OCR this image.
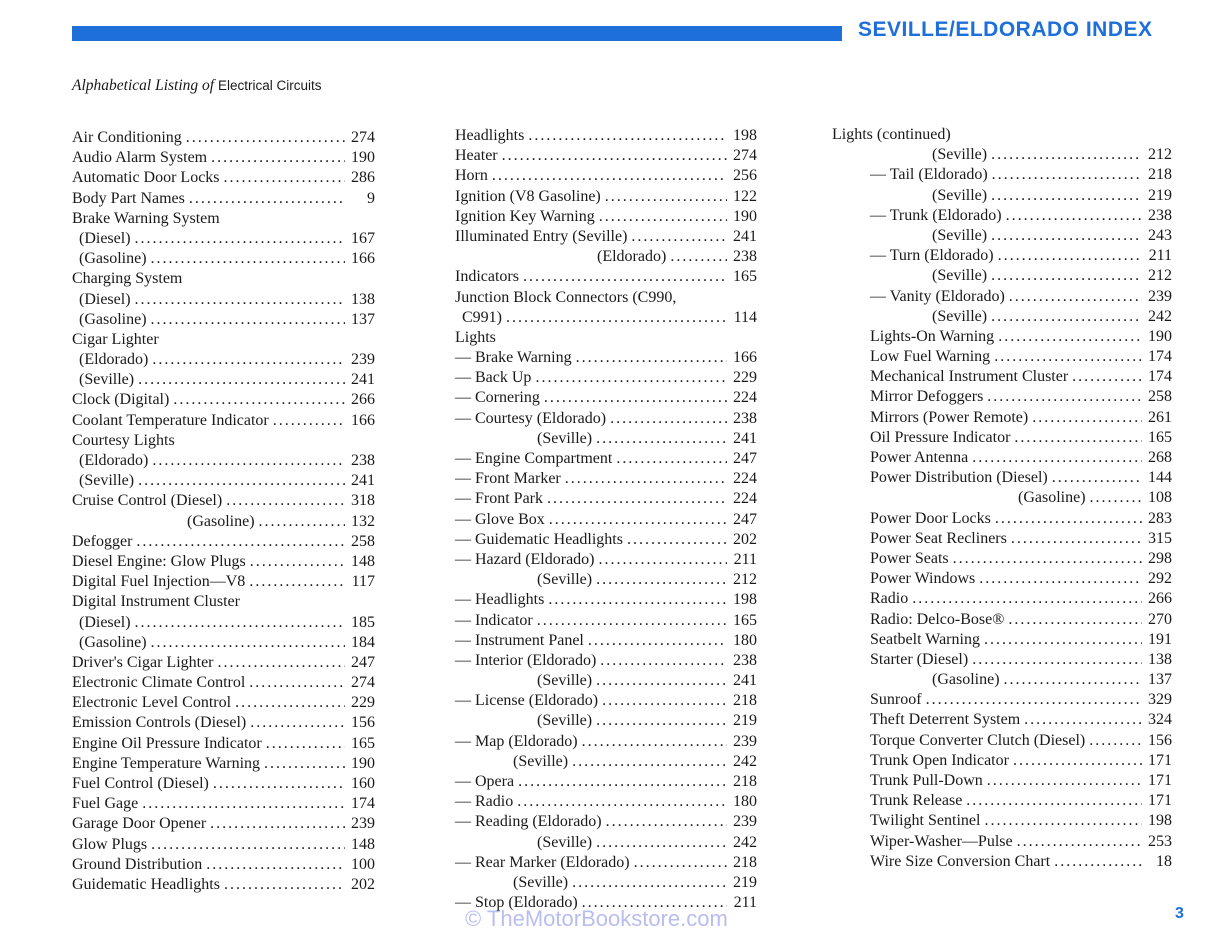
SEVILLE/ELDORADO INDEX
Alphabetical Listing of Electrical Circuits
Air Conditioning .....	274
Audio Alarm System .....	190
Automatic Door Locks .....	286
Body Part Names .....	9
Brake Warning System
(Diesel) .....	167
(Gasoline) .....	166
Charging System
(Diesel) .....	138
(Gasoline) .....	137
Cigar Lighter
(Eldorado) .....	239
(Seville) .....	241
Clock (Digital) .....	266
Coolant Temperature Indicator .....	166
Courtesy Lights
(Eldorado) .....	238
(Seville) .....	241
Cruise Control (Diesel) .....	318
(Gasoline) .....	132
Defogger .....	258
Diesel Engine: Glow Plugs .....	148
Digital Fuel Injection—V8 .....	117
Digital Instrument Cluster
(Diesel) .....	185
(Gasoline) .....	184
Driver's Cigar Lighter .....	247
Electronic Climate Control .....	274
Electronic Level Control .....	229
Emission Controls (Diesel) .....	156
Engine Oil Pressure Indicator .....	165
Engine Temperature Warning .....	190
Fuel Control (Diesel) .....	160
Fuel Gage .....	174
Garage Door Opener .....	239
Glow Plugs .....	148
Ground Distribution .....	100
Guidematic Headlights .....	202
Headlights .....	198
Heater .....	274
Horn .....	256
Ignition (V8 Gasoline) .....	122
Ignition Key Warning .....	190
Illuminated Entry (Seville) .....	241
(Eldorado) .....	238
Indicators .....	165
Junction Block Connectors (C990,
C991) .....	114
Lights
— Brake Warning .....	166
— Back Up .....	229
— Cornering .....	224
— Courtesy (Eldorado) .....	238
(Seville) .....	241
— Engine Compartment .....	247
— Front Marker .....	224
— Front Park .....	224
— Glove Box .....	247
— Guidematic Headlights .....	202
— Hazard (Eldorado) .....	211
(Seville) .....	212
— Headlights .....	198
— Indicator .....	165
— Instrument Panel .....	180
— Interior (Eldorado) .....	238
(Seville) .....	241
— License (Eldorado) .....	218
(Seville) .....	219
— Map (Eldorado) .....	239
(Seville) .....	242
— Opera .....	218
— Radio .....	180
— Reading (Eldorado) .....	239
(Seville) .....	242
— Rear Marker (Eldorado) .....	218
(Seville) .....	219
— Stop (Eldorado) .....	211
Lights (continued)
(Seville) .....	212
— Tail (Eldorado) .....	218
(Seville) .....	219
— Trunk (Eldorado) .....	238
(Seville) .....	243
— Turn (Eldorado) .....	211
(Seville) .....	212
— Vanity (Eldorado) .....	239
(Seville) .....	242
Lights-On Warning .....	190
Low Fuel Warning .....	174
Mechanical Instrument Cluster .....	174
Mirror Defoggers .....	258
Mirrors (Power Remote) .....	261
Oil Pressure Indicator .....	165
Power Antenna .....	268
Power Distribution (Diesel) .....	144
(Gasoline) .....	108
Power Door Locks .....	283
Power Seat Recliners .....	315
Power Seats .....	298
Power Windows .....	292
Radio .....	266
Radio: Delco-Bose® .....	270
Seatbelt Warning .....	191
Starter (Diesel) .....	138
(Gasoline) .....	137
Sunroof .....	329
Theft Deterrent System .....	324
Torque Converter Clutch (Diesel) .....	156
Trunk Open Indicator .....	171
Trunk Pull-Down .....	171
Trunk Release .....	171
Twilight Sentinel .....	198
Wiper-Washer—Pulse .....	253
Wire Size Conversion Chart .....	18
© TheMotorBookstore.com	3
